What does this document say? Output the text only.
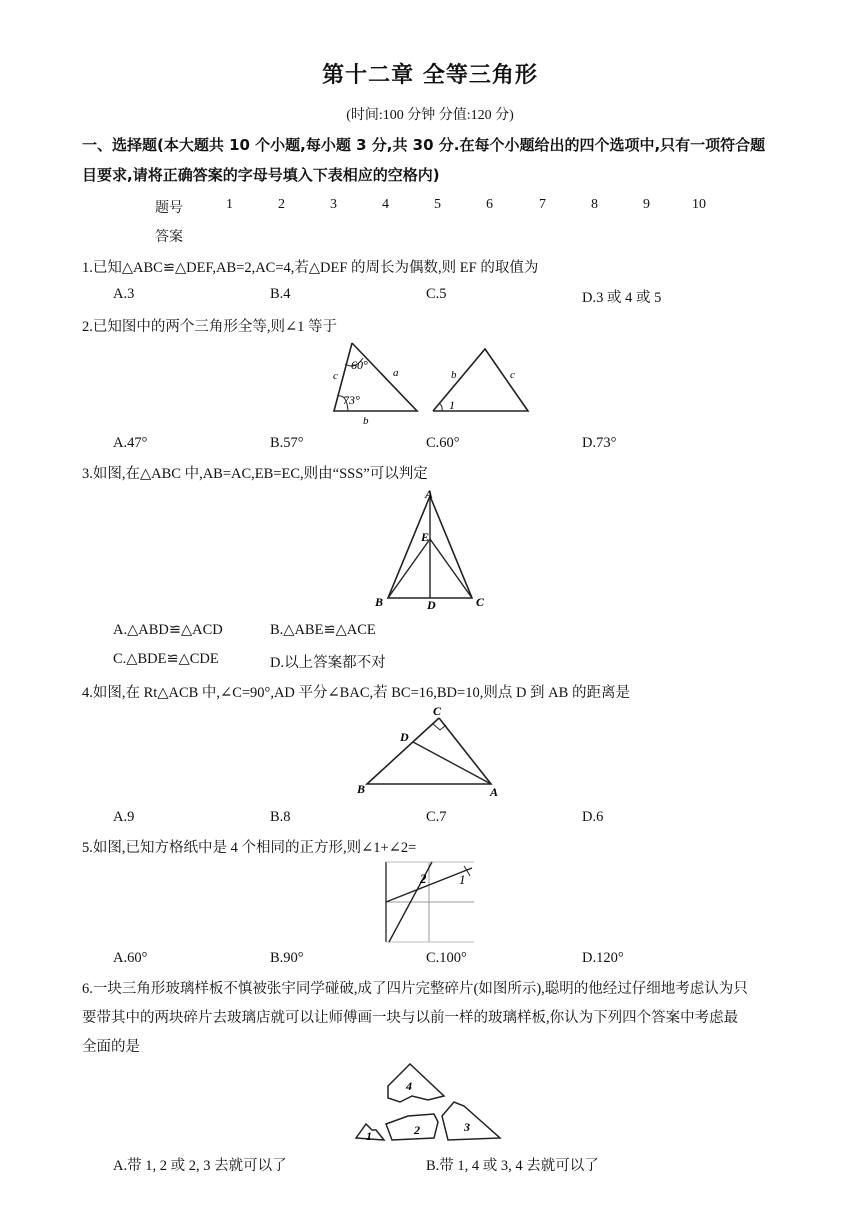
第十二章 全等三角形
(时间:100 分钟 分值:120 分)
一、选择题(本大题共 10 个小题,每小题 3 分,共 30 分.在每个小题给出的四个选项中,只有一项符合题
目要求,请将正确答案的字母号填入下表相应的空格内)
题号	1	2	3	4	5	6	7	8	9	10
答案
1.已知△ABC≌△DEF,AB=2,AC=4,若△DEF 的周长为偶数,则 EF 的取值为
A.3	B.4	C.5	D.3 或 4 或 5
2.已知图中的两个三角形全等,则∠1 等于
60°
73°
c	a
b
1
b	c
A.47°	B.57°	C.60°	D.73°
3.如图,在△ABC 中,AB=AC,EB=EC,则由“SSS”可以判定
A
E
B	D	C
A.△ABD≌△ACD	B.△ABE≌△ACE
C.△BDE≌△CDE	D.以上答案都不对
4.如图,在 Rt△ACB 中,∠C=90°,AD 平分∠BAC,若 BC=16,BD=10,则点 D 到 AB 的距离是
C
D
B	A
A.9	B.8	C.7	D.6
5.如图,已知方格纸中是 4 个相同的正方形,则∠1+∠2=
2	1
A.60°	B.90°	C.100°	D.120°
6.一块三角形玻璃样板不慎被张宇同学碰破,成了四片完整碎片(如图所示),聪明的他经过仔细地考虑认为只
要带其中的两块碎片去玻璃店就可以让师傅画一块与以前一样的玻璃样板,你认为下列四个答案中考虑最
全面的是
4
1	2	3
A.带 1, 2 或 2, 3 去就可以了	B.带 1, 4 或 3, 4 去就可以了
